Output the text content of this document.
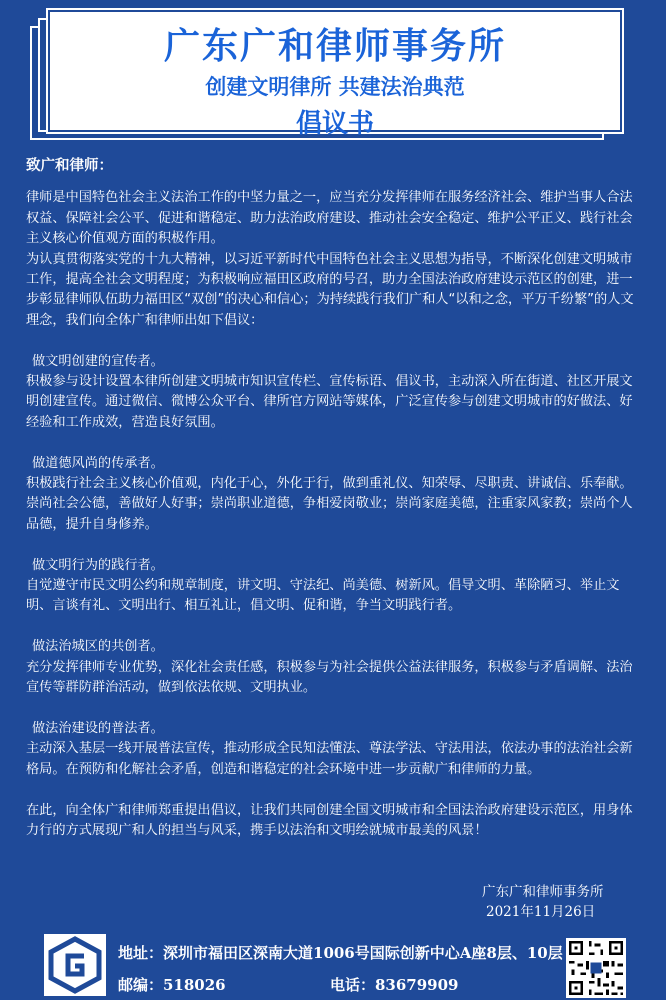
广东广和律师事务所
创建文明律所 共建法治典范
倡议书
致广和律师：

律师是中国特色社会主义法治工作的中坚力量之一，应当充分发挥律师在服务经济社会、维护当事人合法权益、保障社会公平、促进和谐稳定、助力法治政府建设、推动社会安全稳定、维护公平正义、践行社会主义核心价值观方面的积极作用。

为认真贯彻落实党的十九大精神，以习近平新时代中国特色社会主义思想为指导，不断深化创建文明城市工作，提高全社会文明程度；为积极响应福田区政府的号召，助力全国法治政府建设示范区的创建，进一步彰显律师队伍助力福田区“双创”的决心和信心；为持续践行我们广和人“以和之念，平万千纷繁”的人文理念，我们向全体广和律师出如下倡议：

做文明创建的宣传者。

积极参与设计设置本律所创建文明城市知识宣传栏、宣传标语、倡议书，主动深入所在街道、社区开展文明创建宣传。通过微信、微博公众平台、律所官方网站等媒体，广泛宣传参与创建文明城市的好做法、好经验和工作成效，营造良好氛围。

做道德风尚的传承者。

积极践行社会主义核心价值观，内化于心，外化于行，做到重礼仪、知荣辱、尽职责、讲诚信、乐奉献。崇尚社会公德，善做好人好事；崇尚职业道德，争相爱岗敬业；崇尚家庭美德，注重家风家教；崇尚个人品德，提升自身修养。

做文明行为的践行者。

自觉遵守市民文明公约和规章制度，讲文明、守法纪、尚美德、树新风。倡导文明、革除陋习、举止文明、言谈有礼、文明出行、相互礼让，倡文明、促和谐，争当文明践行者。

做法治城区的共创者。

充分发挥律师专业优势，深化社会责任感，积极参与为社会提供公益法律服务，积极参与矛盾调解、法治宣传等群防群治活动，做到依法依规、文明执业。

做法治建设的普法者。

主动深入基层一线开展普法宣传，推动形成全民知法懂法、尊法学法、守法用法，依法办事的法治社会新格局。在预防和化解社会矛盾，创造和谐稳定的社会环境中进一步贡献广和律师的力量。

在此，向全体广和律师郑重提出倡议，让我们共同创建全国文明城市和全国法治政府建设示范区，用身体力行的方式展现广和人的担当与风采，携手以法治和文明绘就城市最美的风景！

广东广和律师事务所
2021年11月26日
地址：深圳市福田区深南大道1006号国际创新中心A座8层、10层
邮编：518026	电话：83679909
